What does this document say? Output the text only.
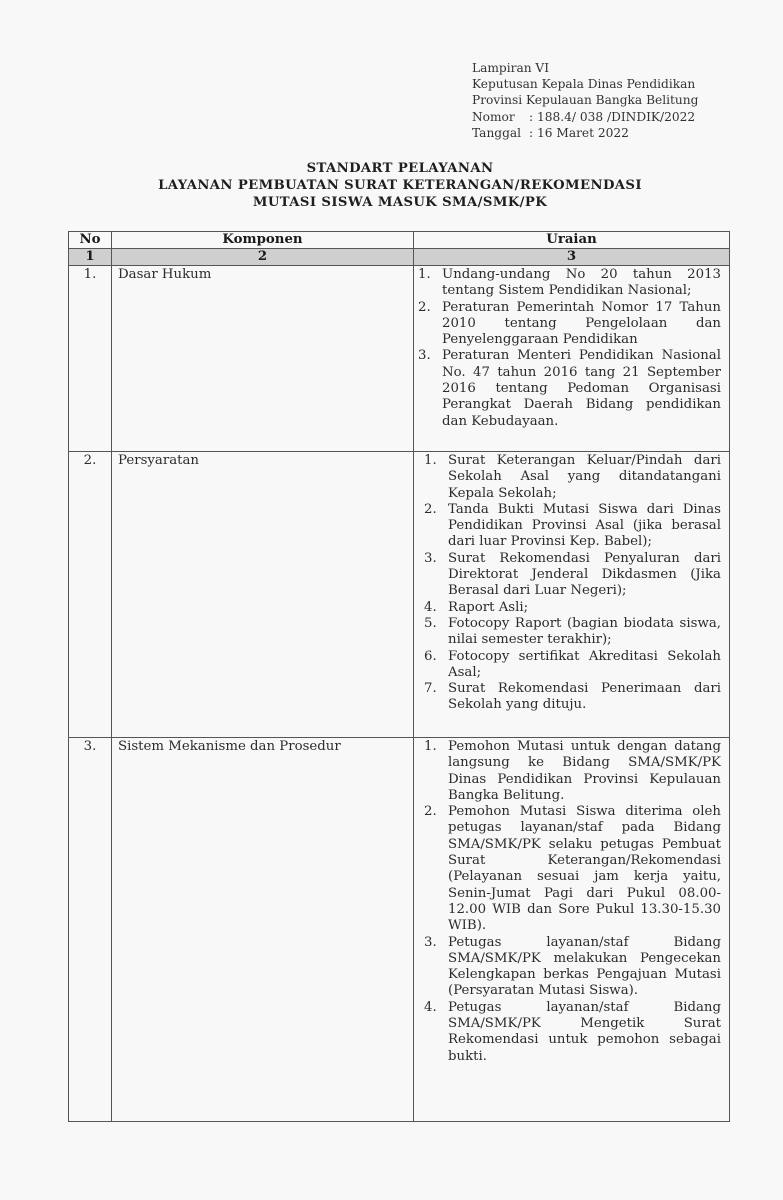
Lampiran VI
Keputusan Kepala Dinas Pendidikan
Provinsi Kepulauan Bangka Belitung
Nomor : 188.4/ 038 /DINDIK/2022
Tanggal : 16 Maret 2022
STANDART PELAYANAN
LAYANAN PEMBUATAN SURAT KETERANGAN/REKOMENDASI
MUTASI SISWA MASUK SMA/SMK/PK
No	Komponen	Uraian
1	2	3
1.	Dasar Hukum	1. Undang-undang No 20 tahun 2013 tentang Sistem Pendidikan Nasional;
2. Peraturan Pemerintah Nomor 17 Tahun 2010 tentang Pengelolaan dan Penyelenggaraan Pendidikan
3. Peraturan Menteri Pendidikan Nasional No. 47 tahun 2016 tang 21 September 2016 tentang Pedoman Organisasi Perangkat Daerah Bidang pendidikan dan Kebudayaan.

2.	Persyaratan	1. Surat Keterangan Keluar/Pindah dari Sekolah Asal yang ditandatangani Kepala Sekolah;
2. Tanda Bukti Mutasi Siswa dari Dinas Pendidikan Provinsi Asal (jika berasal dari luar Provinsi Kep. Babel);
3. Surat Rekomendasi Penyaluran dari Direktorat Jenderal Dikdasmen (Jika Berasal dari Luar Negeri);
4. Raport Asli;
5. Fotocopy Raport (bagian biodata siswa, nilai semester terakhir);
6. Fotocopy sertifikat Akreditasi Sekolah Asal;
7. Surat Rekomendasi Penerimaan dari Sekolah yang dituju.

3.	Sistem Mekanisme dan Prosedur	1. Pemohon Mutasi untuk dengan datang langsung ke Bidang SMA/SMK/PK Dinas Pendidikan Provinsi Kepulauan Bangka Belitung.
2. Pemohon Mutasi Siswa diterima oleh petugas layanan/staf pada Bidang SMA/SMK/PK selaku petugas Pembuat Surat Keterangan/Rekomendasi (Pelayanan sesuai jam kerja yaitu, Senin-Jumat Pagi dari Pukul 08.00-12.00 WIB dan Sore Pukul 13.30-15.30 WIB).
3. Petugas layanan/staf Bidang SMA/SMK/PK melakukan Pengecekan Kelengkapan berkas Pengajuan Mutasi (Persyaratan Mutasi Siswa).
4. Petugas layanan/staf Bidang SMA/SMK/PK Mengetik Surat Rekomendasi untuk pemohon sebagai bukti.
